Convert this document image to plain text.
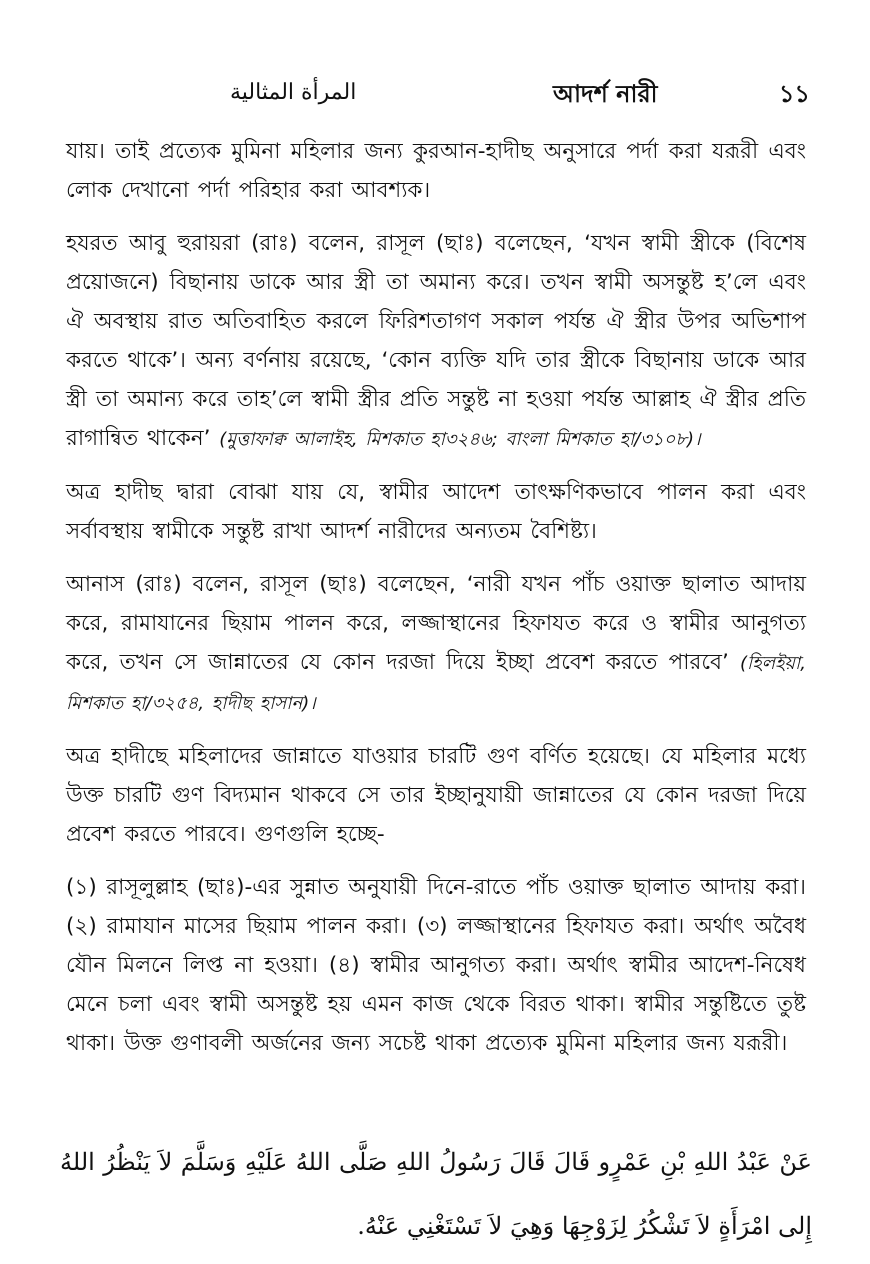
المرأة المثالية	আদর্শ নারী	১১

যায়। তাই প্রত্যেক মুমিনা মহিলার জন্য কুরআন-হাদীছ অনুসারে পর্দা করা যরূরী এবং লোক দেখানো পর্দা পরিহার করা আবশ্যক।

হযরত আবু হুরায়রা (রাঃ) বলেন, রাসূল (ছাঃ) বলেছেন, ‘যখন স্বামী স্ত্রীকে (বিশেষ প্রয়োজনে) বিছানায় ডাকে আর স্ত্রী তা অমান্য করে। তখন স্বামী অসন্তুষ্ট হ’লে এবং ঐ অবস্থায় রাত অতিবাহিত করলে ফিরিশতাগণ সকাল পর্যন্ত ঐ স্ত্রীর উপর অভিশাপ করতে থাকে’। অন্য বর্ণনায় রয়েছে, ‘কোন ব্যক্তি যদি তার স্ত্রীকে বিছানায় ডাকে আর স্ত্রী তা অমান্য করে তাহ’লে স্বামী স্ত্রীর প্রতি সন্তুষ্ট না হওয়া পর্যন্ত আল্লাহ ঐ স্ত্রীর প্রতি রাগান্বিত থাকেন’ (মুত্তাফাক্ব আলাইহ, মিশকাত হা৩২৪৬; বাংলা মিশকাত হা/৩১০৮)।

অত্র হাদীছ দ্বারা বোঝা যায় যে, স্বামীর আদেশ তাৎক্ষণিকভাবে পালন করা এবং সর্বাবস্থায় স্বামীকে সন্তুষ্ট রাখা আদর্শ নারীদের অন্যতম বৈশিষ্ট্য।

আনাস (রাঃ) বলেন, রাসূল (ছাঃ) বলেছেন, ‘নারী যখন পাঁচ ওয়াক্ত ছালাত আদায় করে, রামাযানের ছিয়াম পালন করে, লজ্জাস্থানের হিফাযত করে ও স্বামীর আনুগত্য করে, তখন সে জান্নাতের যে কোন দরজা দিয়ে ইচ্ছা প্রবেশ করতে পারবে’ (হিলইয়া, মিশকাত হা/৩২৫৪, হাদীছ হাসান)।

অত্র হাদীছে মহিলাদের জান্নাতে যাওয়ার চারটি গুণ বর্ণিত হয়েছে। যে মহিলার মধ্যে উক্ত চারটি গুণ বিদ্যমান থাকবে সে তার ইচ্ছানুযায়ী জান্নাতের যে কোন দরজা দিয়ে প্রবেশ করতে পারবে। গুণগুলি হচ্ছে-

(১) রাসূলুল্লাহ (ছাঃ)-এর সুন্নাত অনুযায়ী দিনে-রাতে পাঁচ ওয়াক্ত ছালাত আদায় করা। (২) রামাযান মাসের ছিয়াম পালন করা। (৩) লজ্জাস্থানের হিফাযত করা। অর্থাৎ অবৈধ যৌন মিলনে লিপ্ত না হওয়া। (৪) স্বামীর আনুগত্য করা। অর্থাৎ স্বামীর আদেশ-নিষেধ মেনে চলা এবং স্বামী অসন্তুষ্ট হয় এমন কাজ থেকে বিরত থাকা। স্বামীর সন্তুষ্টিতে তুষ্ট থাকা। উক্ত গুণাবলী অর্জনের জন্য সচেষ্ট থাকা প্রত্যেক মুমিনা মহিলার জন্য যরূরী।

عَنْ عَبْدُ اللهِ بْنِ عَمْرٍو قَالَ قَالَ رَسُولُ اللهِ صَلَّى اللهُ عَلَيْهِ وَسَلَّمَ لاَ يَنْظُرُ اللهُ إِلى امْرَأَةٍ لاَ تَشْكُرُ لِزَوْجِهَا وَهِيَ لاَ تَسْتَغْنِي عَنْهُ.
